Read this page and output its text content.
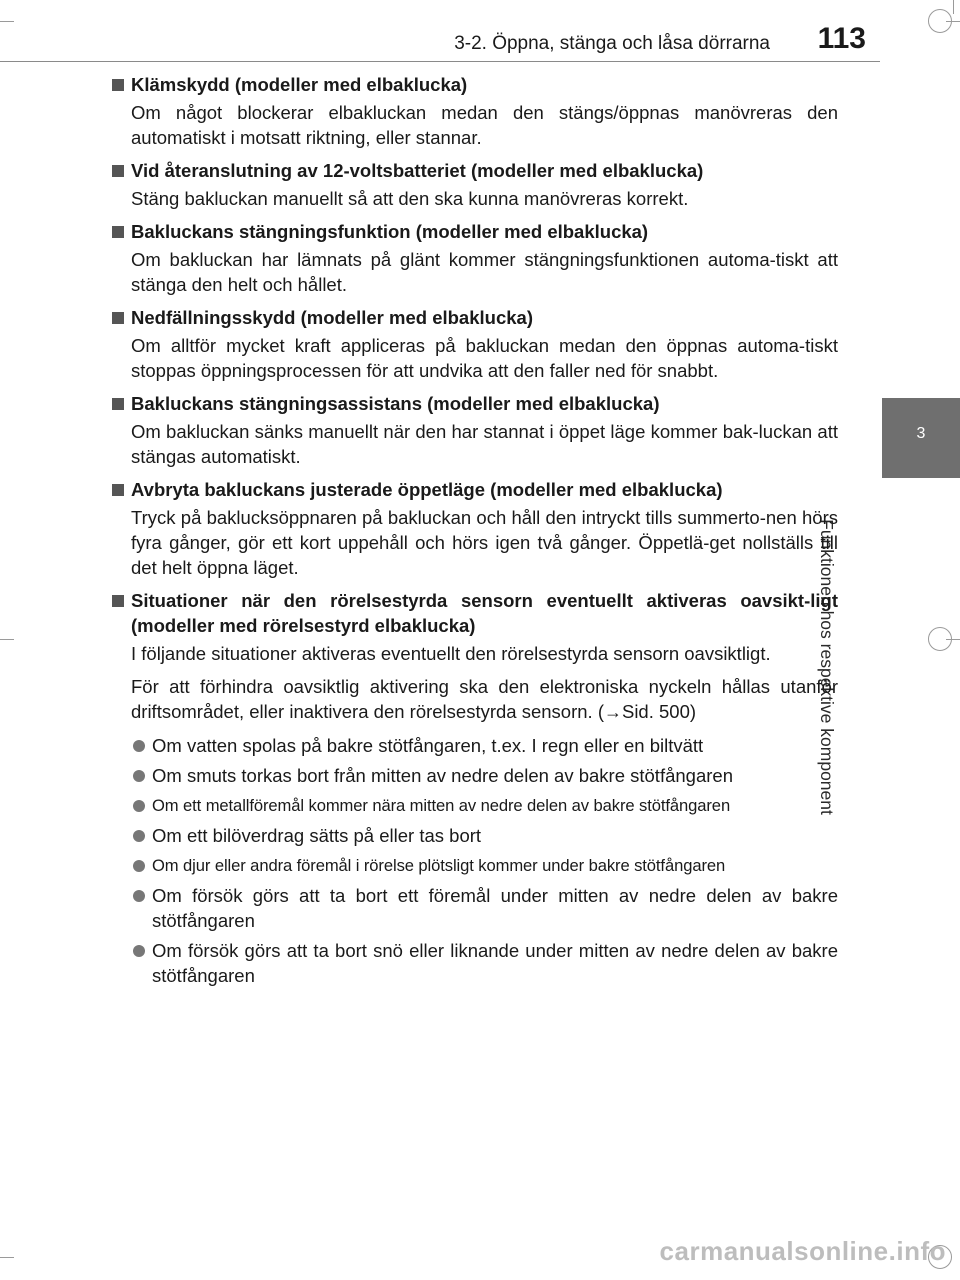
3-2. Öppna, stänga och låsa dörrarna 113
3
Funktionen hos respektive komponent
Klämskydd (modeller med elbaklucka)
Om något blockerar elbakluckan medan den stängs/öppnas manövreras den automatiskt i motsatt riktning, eller stannar.
Vid återanslutning av 12-voltsbatteriet (modeller med elbaklucka)
Stäng bakluckan manuellt så att den ska kunna manövreras korrekt.
Bakluckans stängningsfunktion (modeller med elbaklucka)
Om bakluckan har lämnats på glänt kommer stängningsfunktionen automa-tiskt att stänga den helt och hållet.
Nedfällningsskydd (modeller med elbaklucka)
Om alltför mycket kraft appliceras på bakluckan medan den öppnas automa-tiskt stoppas öppningsprocessen för att undvika att den faller ned för snabbt.
Bakluckans stängningsassistans (modeller med elbaklucka)
Om bakluckan sänks manuellt när den har stannat i öppet läge kommer bak-luckan att stängas automatiskt.
Avbryta bakluckans justerade öppetläge (modeller med elbaklucka)
Tryck på baklucksöppnaren på bakluckan och håll den intryckt tills summerto-nen hörs fyra gånger, gör ett kort uppehåll och hörs igen två gånger. Öppetlä-get nollställs till det helt öppna läget.
Situationer när den rörelsestyrda sensorn eventuellt aktiveras oavsikt-ligt (modeller med rörelsestyrd elbaklucka)
I följande situationer aktiveras eventuellt den rörelsestyrda sensorn oavsiktligt.
För att förhindra oavsiktlig aktivering ska den elektroniska nyckeln hållas utanför driftsområdet, eller inaktivera den rörelsestyrda sensorn. (→Sid. 500)
Om vatten spolas på bakre stötfångaren, t.ex. I regn eller en biltvätt
Om smuts torkas bort från mitten av nedre delen av bakre stötfångaren
Om ett metallföremål kommer nära mitten av nedre delen av bakre stötfångaren
Om ett bilöverdrag sätts på eller tas bort
Om djur eller andra föremål i rörelse plötsligt kommer under bakre stötfångaren
Om försök görs att ta bort ett föremål under mitten av nedre delen av bakre stötfångaren
Om försök görs att ta bort snö eller liknande under mitten av nedre delen av bakre stötfångaren
carmanualsonline.info
